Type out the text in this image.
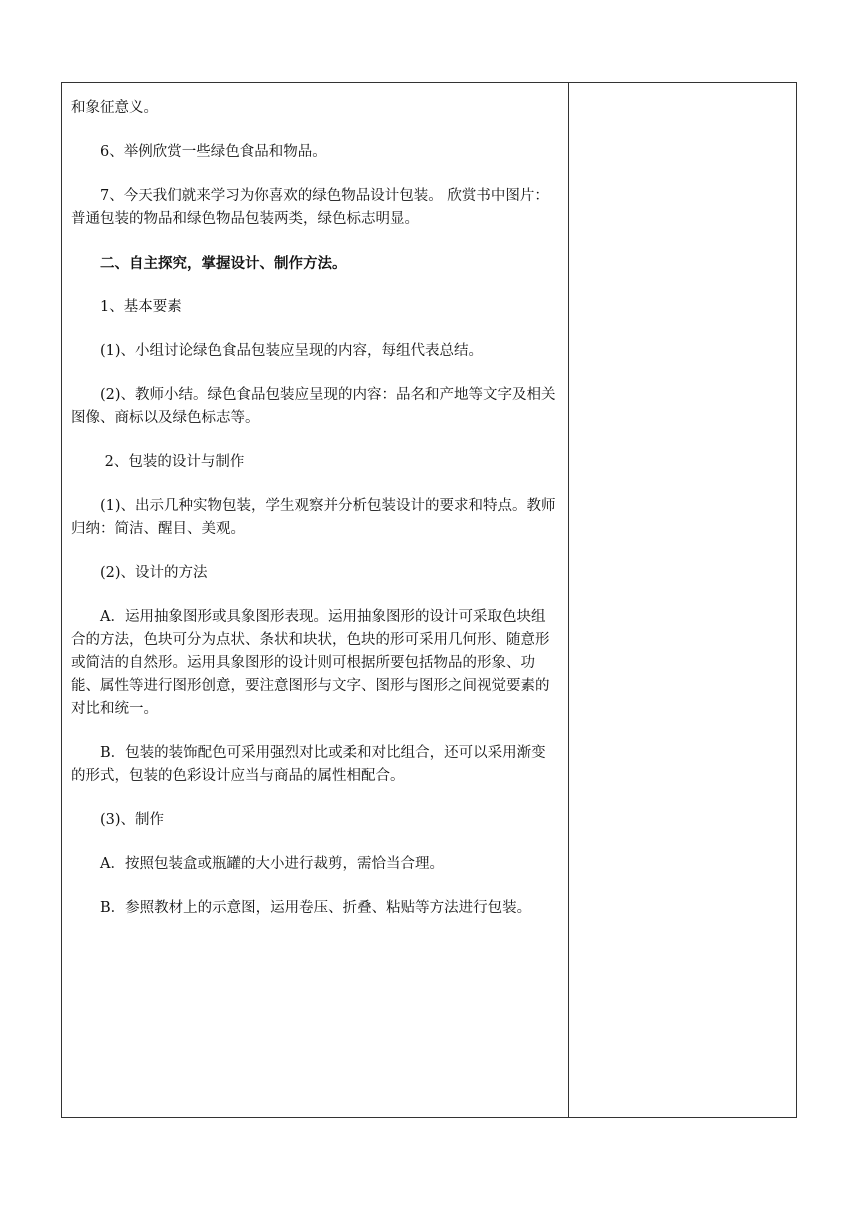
和象征意义。

6、举例欣赏一些绿色食品和物品。

7、今天我们就来学习为你喜欢的绿色物品设计包装。 欣赏书中图片：普通包装的物品和绿色物品包装两类，绿色标志明显。

二、自主探究，掌握设计、制作方法。

1、基本要素

(1)、小组讨论绿色食品包装应呈现的内容，每组代表总结。

(2)、教师小结。绿色食品包装应呈现的内容：品名和产地等文字及相关图像、商标以及绿色标志等。

2、包装的设计与制作

(1)、出示几种实物包装，学生观察并分析包装设计的要求和特点。教师归纳：简洁、醒目、美观。

(2)、设计的方法

A．运用抽象图形或具象图形表现。运用抽象图形的设计可采取色块组合的方法，色块可分为点状、条状和块状，色块的形可采用几何形、随意形或简洁的自然形。运用具象图形的设计则可根据所要包括物品的形象、功能、属性等进行图形创意，要注意图形与文字、图形与图形之间视觉要素的对比和统一。

B．包装的装饰配色可采用强烈对比或柔和对比组合，还可以采用渐变的形式，包装的色彩设计应当与商品的属性相配合。

(3)、制作

A．按照包装盒或瓶罐的大小进行裁剪，需恰当合理。

B．参照教材上的示意图，运用卷压、折叠、粘贴等方法进行包装。
